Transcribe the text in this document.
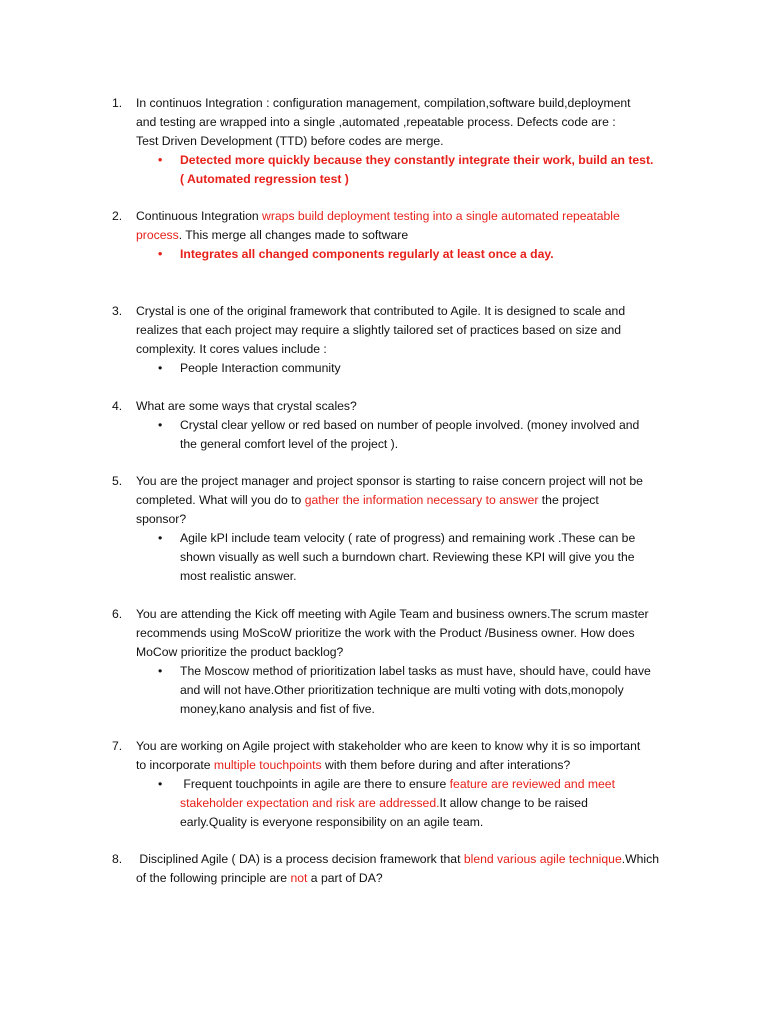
1.	In continuos Integration : configuration management, compilation,software build,deployment
and testing are wrapped into a single ,automated ,repeatable process. Defects code are :
Test Driven Development (TTD) before codes are merge.
• Detected more quickly because they constantly integrate their work, build an test.
( Automated regression test )
2.	Continuous Integration wraps build deployment testing into a single automated repeatable
process. This merge all changes made to software
• Integrates all changed components regularly at least once a day.
3.	Crystal is one of the original framework that contributed to Agile. It is designed to scale and
realizes that each project may require a slightly tailored set of practices based on size and
complexity. It cores values include :
• People Interaction community
4.	What are some ways that crystal scales?
• Crystal clear yellow or red based on number of people involved. (money involved and
the general comfort level of the project ).
5.	You are the project manager and project sponsor is starting to raise concern project will not be
completed. What will you do to gather the information necessary to answer the project
sponsor?
• Agile kPI include team velocity ( rate of progress) and remaining work .These can be
shown visually as well such a burndown chart. Reviewing these KPI will give you the
most realistic answer.
6.	You are attending the Kick off meeting with Agile Team and business owners.The scrum master
recommends using MoScoW prioritize the work with the Product /Business owner. How does
MoCow prioritize the product backlog?
• The Moscow method of prioritization label tasks as must have, should have, could have
and will not have.Other prioritization technique are multi voting with dots,monopoly
money,kano analysis and fist of five.
7.	You are working on Agile project with stakeholder who are keen to know why it is so important
to incorporate multiple touchpoints with them before during and after interations?
• Frequent touchpoints in agile are there to ensure feature are reviewed and meet
stakeholder expectation and risk are addressed.It allow change to be raised
early.Quality is everyone responsibility on an agile team.
8.	Disciplined Agile ( DA) is a process decision framework that blend various agile technique.Which
of the following principle are not a part of DA?
